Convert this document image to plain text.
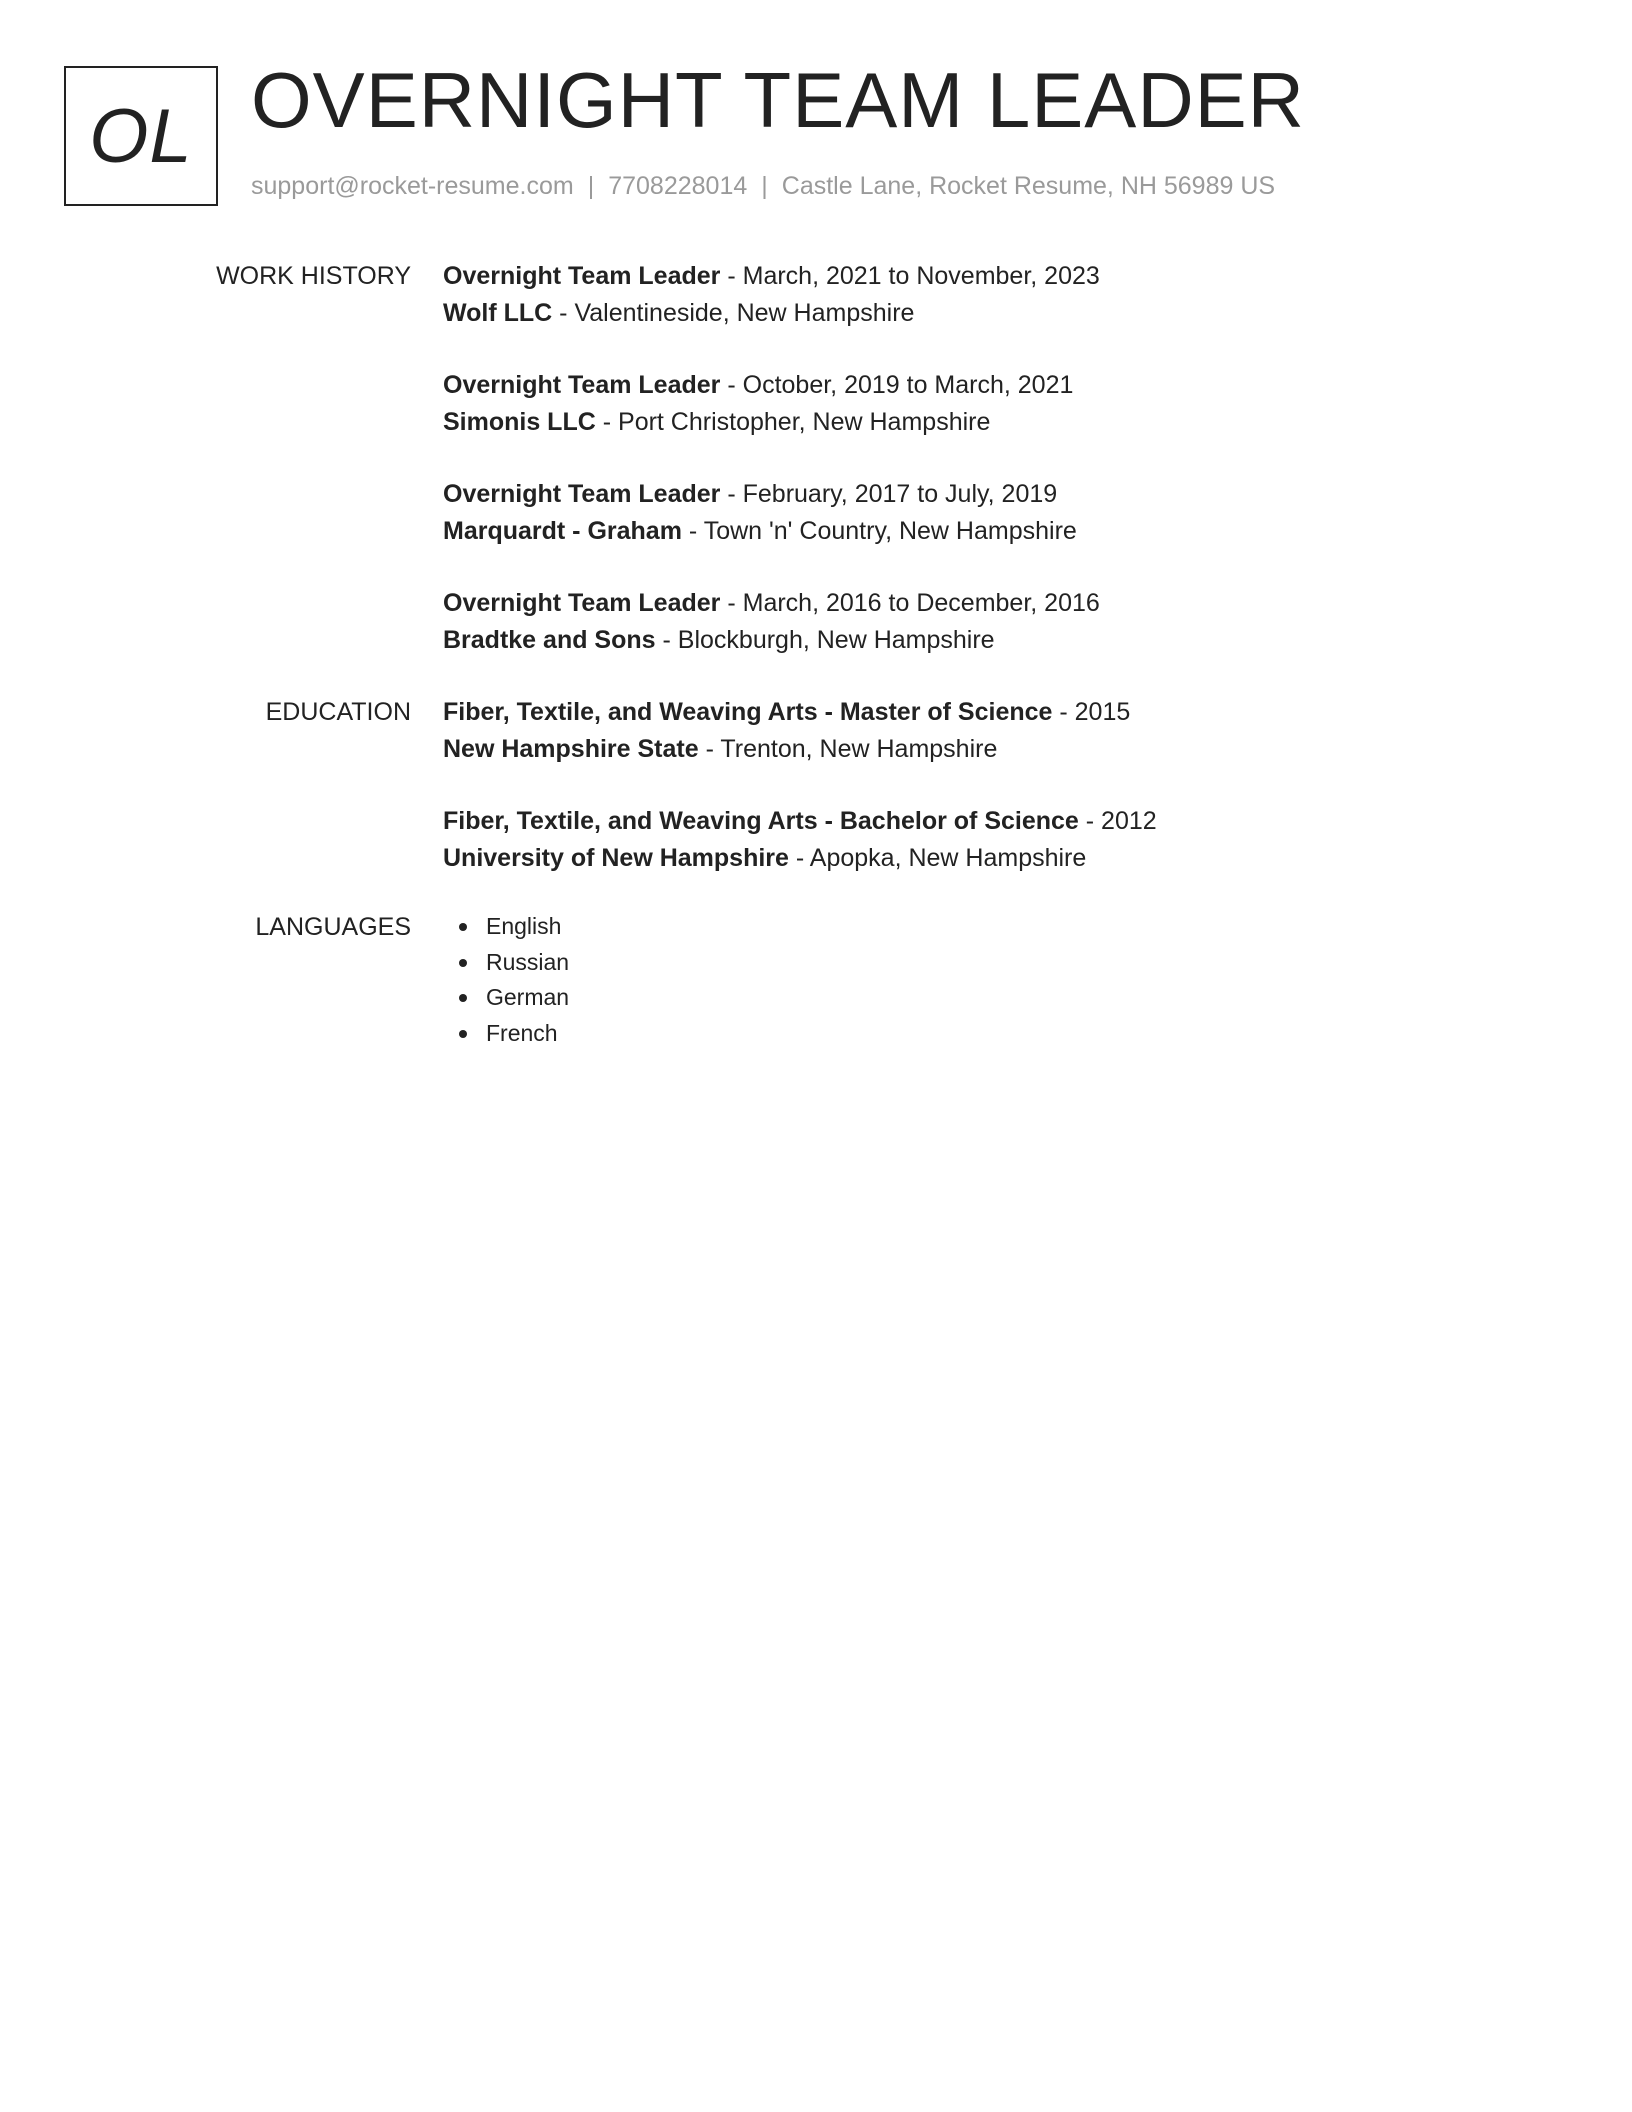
OL OVERNIGHT TEAM LEADER
support@rocket-resume.com | 7708228014 | Castle Lane, Rocket Resume, NH 56989 US
WORK HISTORY Overnight Team Leader - March, 2021 to November, 2023
Wolf LLC - Valentineside, New Hampshire
Overnight Team Leader - October, 2019 to March, 2021
Simonis LLC - Port Christopher, New Hampshire
Overnight Team Leader - February, 2017 to July, 2019
Marquardt - Graham - Town 'n' Country, New Hampshire
Overnight Team Leader - March, 2016 to December, 2016
Bradtke and Sons - Blockburgh, New Hampshire
EDUCATION Fiber, Textile, and Weaving Arts - Master of Science - 2015
New Hampshire State - Trenton, New Hampshire
Fiber, Textile, and Weaving Arts - Bachelor of Science - 2012
University of New Hampshire - Apopka, New Hampshire
LANGUAGES	English
Russian
German
French
